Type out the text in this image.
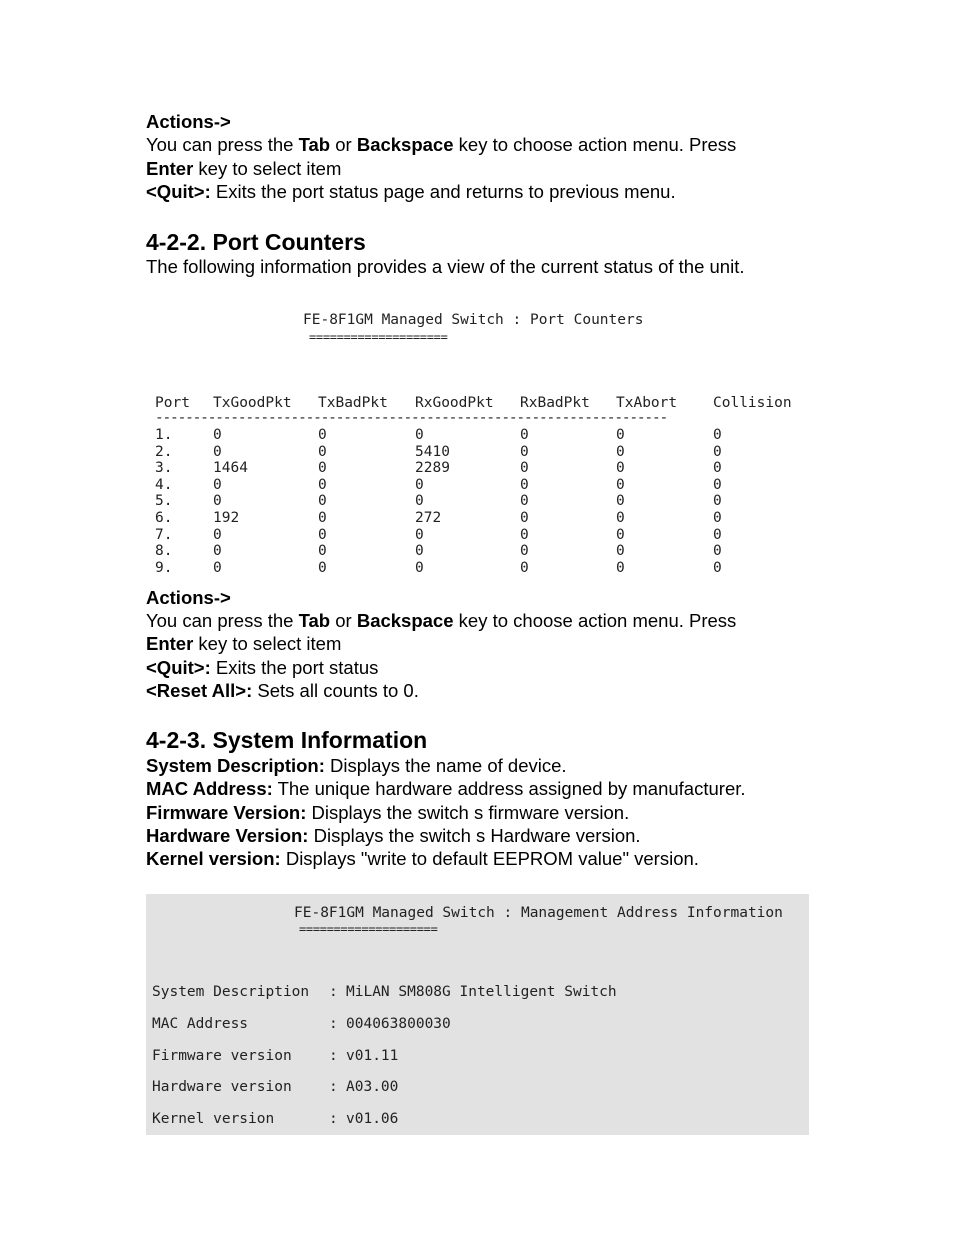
Actions->
You can press the Tab or Backspace key to choose action menu. Press
Enter key to select item
<Quit>: Exits the port status page and returns to previous menu.
4-2-2. Port Counters
The following information provides a view of the current status of the unit.
FE-8F1GM Managed Switch : Port Counters
====================
Port TxGoodPkt TxBadPkt RxGoodPkt RxBadPkt TxAbort Collision
--------------------------------------------------------------------
1.	0	0	0	0	0	0
2.	0	0	5410	0	0	0
3.	1464	0	2289	0	0	0
4.	0	0	0	0	0	0
5.	0	0	0	0	0	0
6.	192	0	272	0	0	0
7.	0	0	0	0	0	0
8.	0	0	0	0	0	0
9.	0	0	0	0	0	0
Actions->
You can press the Tab or Backspace key to choose action menu. Press
Enter key to select item
<Quit>: Exits the port status
<Reset All>: Sets all counts to 0.
4-2-3. System Information
System Description: Displays the name of device.
MAC Address: The unique hardware address assigned by manufacturer.
Firmware Version: Displays the switch s firmware version.
Hardware Version: Displays the switch s Hardware version.
Kernel version: Displays "write to default EEPROM value" version.
FE-8F1GM Managed Switch : Management Address Information
====================
System Description : MiLAN SM808G Intelligent Switch
MAC Address	: 004063800030
Firmware version	: v01.11
Hardware version	: A03.00
Kernel version	: v01.06
